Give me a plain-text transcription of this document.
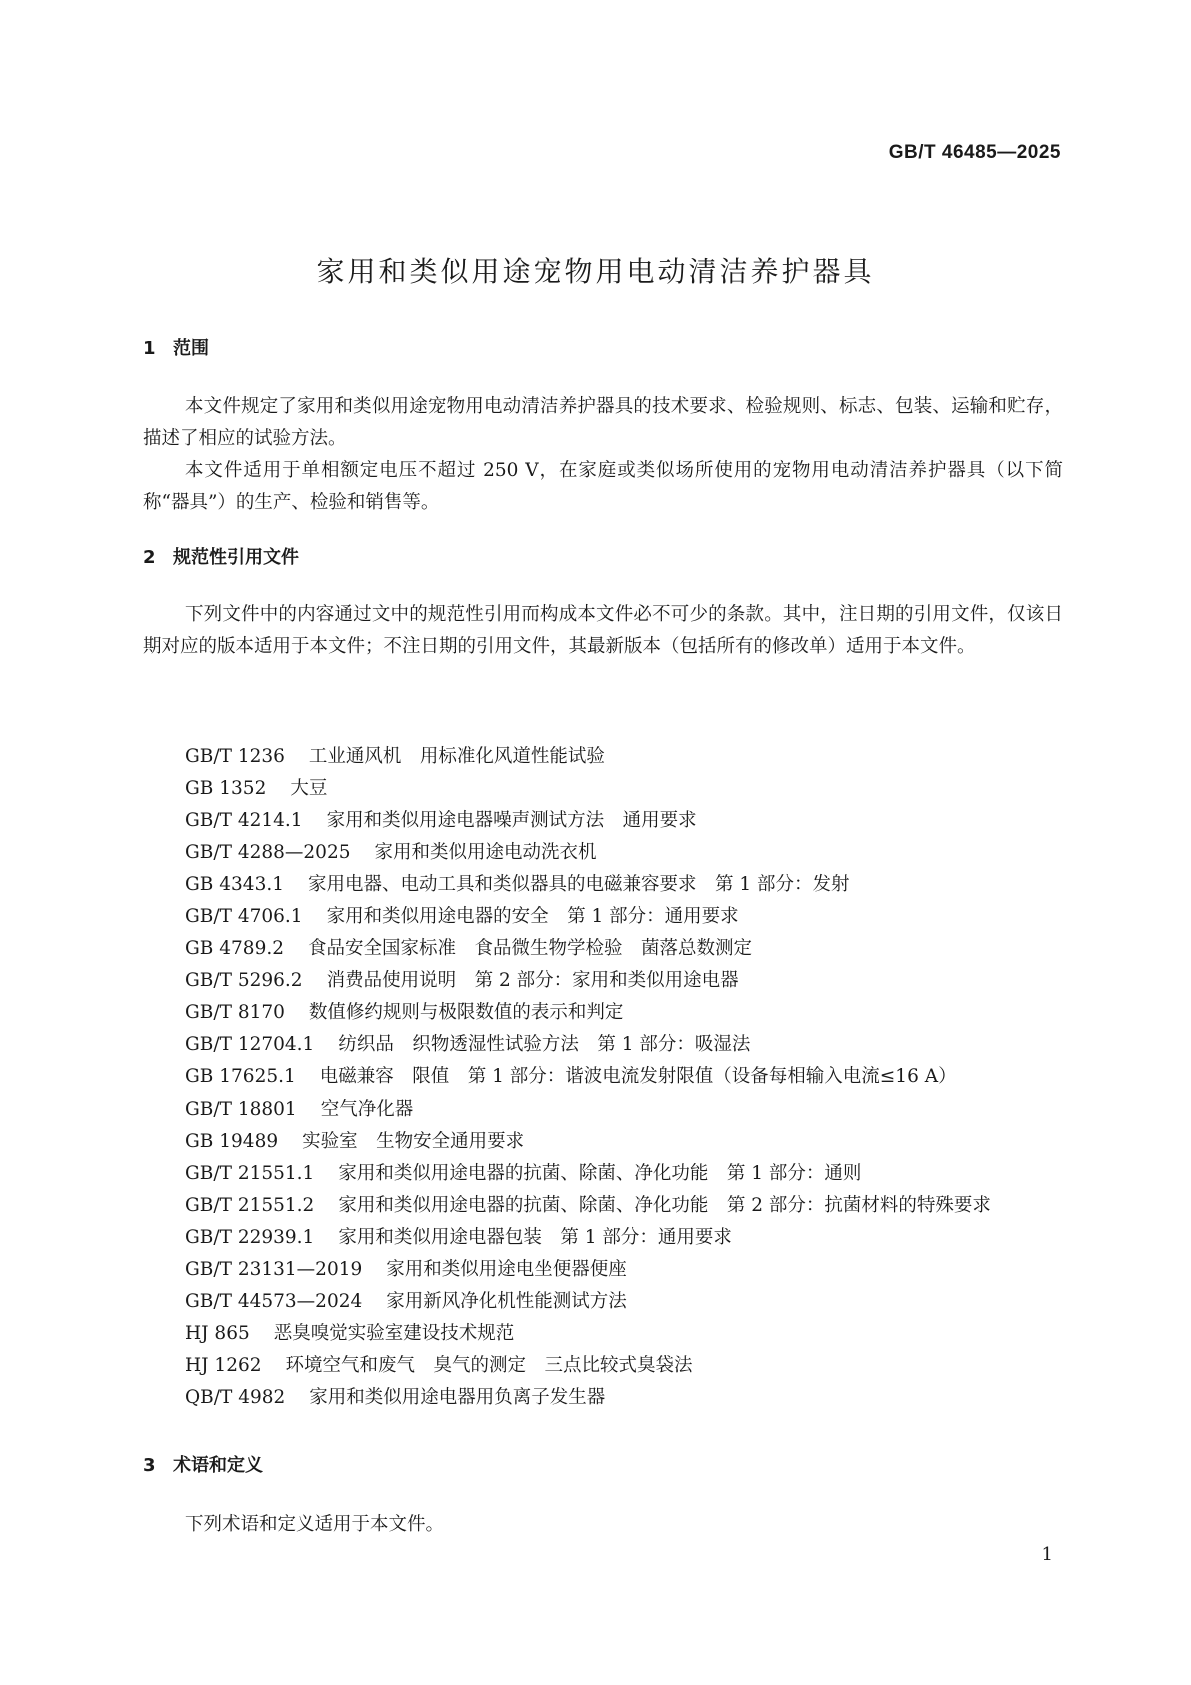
GB/T 46485—2025
家用和类似用途宠物用电动清洁养护器具
1 范围

本文件规定了家用和类似用途宠物用电动清洁养护器具的技术要求、检验规则、标志、包装、运输和贮存，描述了相应的试验方法。

本文件适用于单相额定电压不超过 250 V，在家庭或类似场所使用的宠物用电动清洁养护器具（以下简称“器具”）的生产、检验和销售等。

2 规范性引用文件

下列文件中的内容通过文中的规范性引用而构成本文件必不可少的条款。其中，注日期的引用文件，仅该日期对应的版本适用于本文件；不注日期的引用文件，其最新版本（包括所有的修改单）适用于本文件。

GB/T 1236 工业通风机　用标准化风道性能试验
GB 1352 大豆
GB/T 4214.1 家用和类似用途电器噪声测试方法　通用要求
GB/T 4288—2025 家用和类似用途电动洗衣机
GB 4343.1 家用电器、电动工具和类似器具的电磁兼容要求　第 1 部分：发射
GB/T 4706.1 家用和类似用途电器的安全　第 1 部分：通用要求
GB 4789.2 食品安全国家标准　食品微生物学检验　菌落总数测定
GB/T 5296.2 消费品使用说明　第 2 部分：家用和类似用途电器
GB/T 8170 数值修约规则与极限数值的表示和判定
GB/T 12704.1 纺织品　织物透湿性试验方法　第 1 部分：吸湿法
GB 17625.1 电磁兼容　限值　第 1 部分：谐波电流发射限值（设备每相输入电流≤16 A）
GB/T 18801 空气净化器
GB 19489 实验室　生物安全通用要求
GB/T 21551.1 家用和类似用途电器的抗菌、除菌、净化功能　第 1 部分：通则
GB/T 21551.2 家用和类似用途电器的抗菌、除菌、净化功能　第 2 部分：抗菌材料的特殊要求
GB/T 22939.1 家用和类似用途电器包装　第 1 部分：通用要求
GB/T 23131—2019 家用和类似用途电坐便器便座
GB/T 44573—2024 家用新风净化机性能测试方法
HJ 865 恶臭嗅觉实验室建设技术规范
HJ 1262 环境空气和废气　臭气的测定　三点比较式臭袋法
QB/T 4982 家用和类似用途电器用负离子发生器
3 术语和定义

下列术语和定义适用于本文件。

1
